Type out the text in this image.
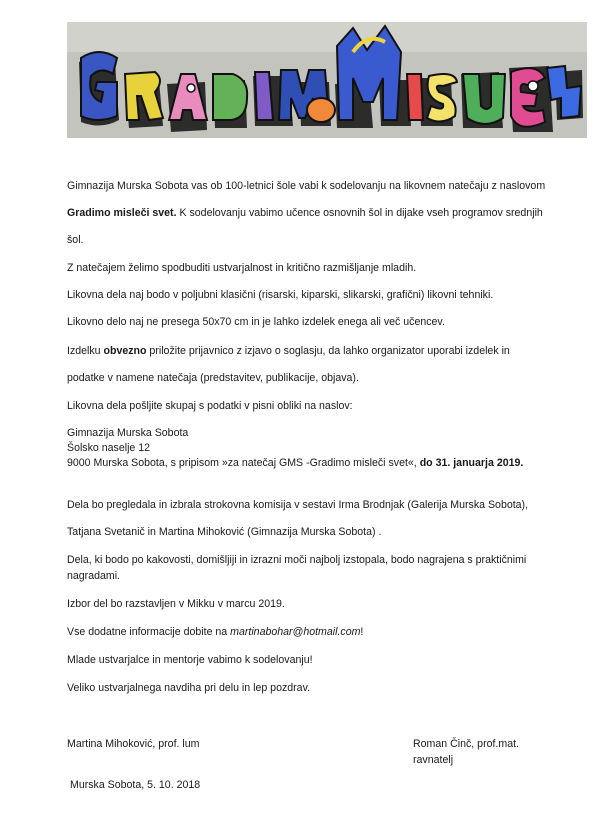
Gimnazija Murska Sobota vas ob 100-letnici šole vabi k sodelovanju na likovnem natečaju z naslovom

Gradimo misleči svet. K sodelovanju vabimo učence osnovnih šol in dijake vseh programov srednjih

šol.

Z natečajem želimo spodbuditi ustvarjalnost in kritično razmišljanje mladih.

Likovna dela naj bodo v poljubni klasični (risarski, kiparski, slikarski, grafični) likovni tehniki.

Likovno delo naj ne presega 50x70 cm in je lahko izdelek enega ali več učencev.

Izdelku obvezno priložite prijavnico z izjavo o soglasju, da lahko organizator uporabi izdelek in

podatke v namene natečaja (predstavitev, publikacije, objava).

Likovna dela pošljite skupaj s podatki v pisni obliki na naslov:

Gimnazija Murska Sobota

Šolsko naselje 12

9000 Murska Sobota, s pripisom »za natečaj GMS -Gradimo misleči svet«, do 31. januarja 2019.

Dela bo pregledala in izbrala strokovna komisija v sestavi Irma Brodnjak (Galerija Murska Sobota),

Tatjana Svetanič in Martina Mihoković (Gimnazija Murska Sobota) .

Dela, ki bodo po kakovosti, domišljiji in izrazni moči najbolj izstopala, bodo nagrajena s praktičnimi

nagradami.

Izbor del bo razstavljen v Mikku v marcu 2019.

Vse dodatne informacije dobite na martinabohar@hotmail.com!

Mlade ustvarjalce in mentorje vabimo k sodelovanju!

Veliko ustvarjalnega navdiha pri delu in lep pozdrav.

Martina Mihoković, prof. lum	Roman Činč, prof.mat.

ravnatelj

Murska Sobota, 5. 10. 2018
